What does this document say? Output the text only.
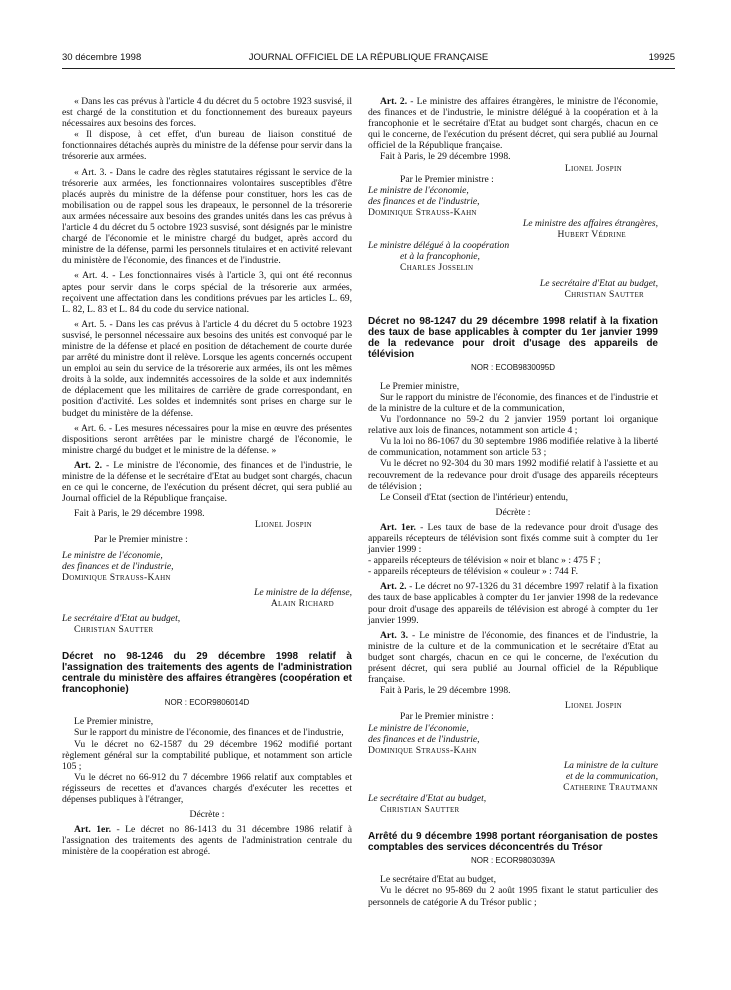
30 décembre 1998	JOURNAL OFFICIEL DE LA RÉPUBLIQUE FRANÇAISE	19925

« Dans les cas prévus à l'article 4 du décret du 5 octobre 1923 susvisé, il est chargé de la constitution et du fonctionnement des bureaux payeurs nécessaires aux besoins des forces.

« Il dispose, à cet effet, d'un bureau de liaison constitué de fonctionnaires détachés auprès du ministre de la défense pour servir dans la trésorerie aux armées.

« Art. 3. - Dans le cadre des règles statutaires régissant le service de la trésorerie aux armées, les fonctionnaires volontaires susceptibles d'être placés auprès du ministre de la défense pour constituer, hors les cas de mobilisation ou de rappel sous les drapeaux, le personnel de la trésorerie aux armées nécessaire aux besoins des grandes unités dans les cas prévus à l'article 4 du décret du 5 octobre 1923 susvisé, sont désignés par le ministre chargé de l'économie et le ministre chargé du budget, après accord du ministre de la défense, parmi les personnels titulaires et en activité relevant du ministère de l'économie, des finances et de l'industrie.

« Art. 4. - Les fonctionnaires visés à l'article 3, qui ont été reconnus aptes pour servir dans le corps spécial de la trésorerie aux armées, reçoivent une affectation dans les conditions prévues par les articles L. 69, L. 82, L. 83 et L. 84 du code du service national.

« Art. 5. - Dans les cas prévus à l'article 4 du décret du 5 octobre 1923 susvisé, le personnel nécessaire aux besoins des unités est convoqué par le ministre de la défense et placé en position de détachement de courte durée par arrêté du ministre dont il relève. Lorsque les agents concernés occupent un emploi au sein du service de la trésorerie aux armées, ils ont les mêmes droits à la solde, aux indemnités accessoires de la solde et aux indemnités de déplacement que les militaires de carrière de grade correspondant, en position d'activité. Les soldes et indemnités sont prises en charge sur le budget du ministère de la défense.

« Art. 6. - Les mesures nécessaires pour la mise en œuvre des présentes dispositions seront arrêtées par le ministre chargé de l'économie, le ministre chargé du budget et le ministre de la défense. »

Art. 2. - Le ministre de l'économie, des finances et de l'industrie, le ministre de la défense et le secrétaire d'Etat au budget sont chargés, chacun en ce qui le concerne, de l'exécution du présent décret, qui sera publié au Journal officiel de la République française.

Fait à Paris, le 29 décembre 1998.

Lionel Jospin

Par le Premier ministre :

Le ministre de l'économie,

des finances et de l'industrie,

Dominique Strauss-Kahn

Le ministre de la défense,

Alain Richard

Le secrétaire d'Etat au budget,

Christian Sautter

Décret no 98-1246 du 29 décembre 1998 relatif à l'assignation des traitements des agents de l'administration centrale du ministère des affaires étrangères (coopération et francophonie)
NOR : ECOR9806014D

Le Premier ministre,

Sur le rapport du ministre de l'économie, des finances et de l'industrie,

Vu le décret no 62-1587 du 29 décembre 1962 modifié portant règlement général sur la comptabilité publique, et notamment son article 105 ;

Vu le décret no 66-912 du 7 décembre 1966 relatif aux comptables et régisseurs de recettes et d'avances chargés d'exécuter les recettes et dépenses publiques à l'étranger,

Décrète :

Art. 1er. - Le décret no 86-1413 du 31 décembre 1986 relatif à l'assignation des traitements des agents de l'administration centrale du ministère de la coopération est abrogé.

Art. 2. - Le ministre des affaires étrangères, le ministre de l'économie, des finances et de l'industrie, le ministre délégué à la coopération et à la francophonie et le secrétaire d'Etat au budget sont chargés, chacun en ce qui le concerne, de l'exécution du présent décret, qui sera publié au Journal officiel de la République française.

Fait à Paris, le 29 décembre 1998.

Lionel Jospin

Par le Premier ministre :

Le ministre de l'économie,

des finances et de l'industrie,

Dominique Strauss-Kahn

Le ministre des affaires étrangères,

Hubert Védrine

Le ministre délégué à la coopération

et à la francophonie,

Charles Josselin

Le secrétaire d'Etat au budget,

Christian Sautter

Décret no 98-1247 du 29 décembre 1998 relatif à la fixation des taux de base applicables à compter du 1er janvier 1999 de la redevance pour droit d'usage des appareils de télévision
NOR : ECOB9830095D

Le Premier ministre,

Sur le rapport du ministre de l'économie, des finances et de l'industrie et de la ministre de la culture et de la communication,

Vu l'ordonnance no 59-2 du 2 janvier 1959 portant loi organique relative aux lois de finances, notamment son article 4 ;

Vu la loi no 86-1067 du 30 septembre 1986 modifiée relative à la liberté de communication, notamment son article 53 ;

Vu le décret no 92-304 du 30 mars 1992 modifié relatif à l'assiette et au recouvrement de la redevance pour droit d'usage des appareils récepteurs de télévision ;

Le Conseil d'Etat (section de l'intérieur) entendu,

Décrète :

Art. 1er. - Les taux de base de la redevance pour droit d'usage des appareils récepteurs de télévision sont fixés comme suit à compter du 1er janvier 1999 :

- appareils récepteurs de télévision « noir et blanc » : 475 F ;

- appareils récepteurs de télévision « couleur » : 744 F.

Art. 2. - Le décret no 97-1326 du 31 décembre 1997 relatif à la fixation des taux de base applicables à compter du 1er janvier 1998 de la redevance pour droit d'usage des appareils de télévision est abrogé à compter du 1er janvier 1999.

Art. 3. - Le ministre de l'économie, des finances et de l'industrie, la ministre de la culture et de la communication et le secrétaire d'Etat au budget sont chargés, chacun en ce qui le concerne, de l'exécution du présent décret, qui sera publié au Journal officiel de la République française.

Fait à Paris, le 29 décembre 1998.

Lionel Jospin

Par le Premier ministre :

Le ministre de l'économie,

des finances et de l'industrie,

Dominique Strauss-Kahn

La ministre de la culture

et de la communication,

Catherine Trautmann

Le secrétaire d'Etat au budget,

Christian Sautter

Arrêté du 9 décembre 1998 portant réorganisation de postes comptables des services déconcentrés du Trésor
NOR : ECOR9803039A

Le secrétaire d'Etat au budget,

Vu le décret no 95-869 du 2 août 1995 fixant le statut particulier des personnels de catégorie A du Trésor public ;
